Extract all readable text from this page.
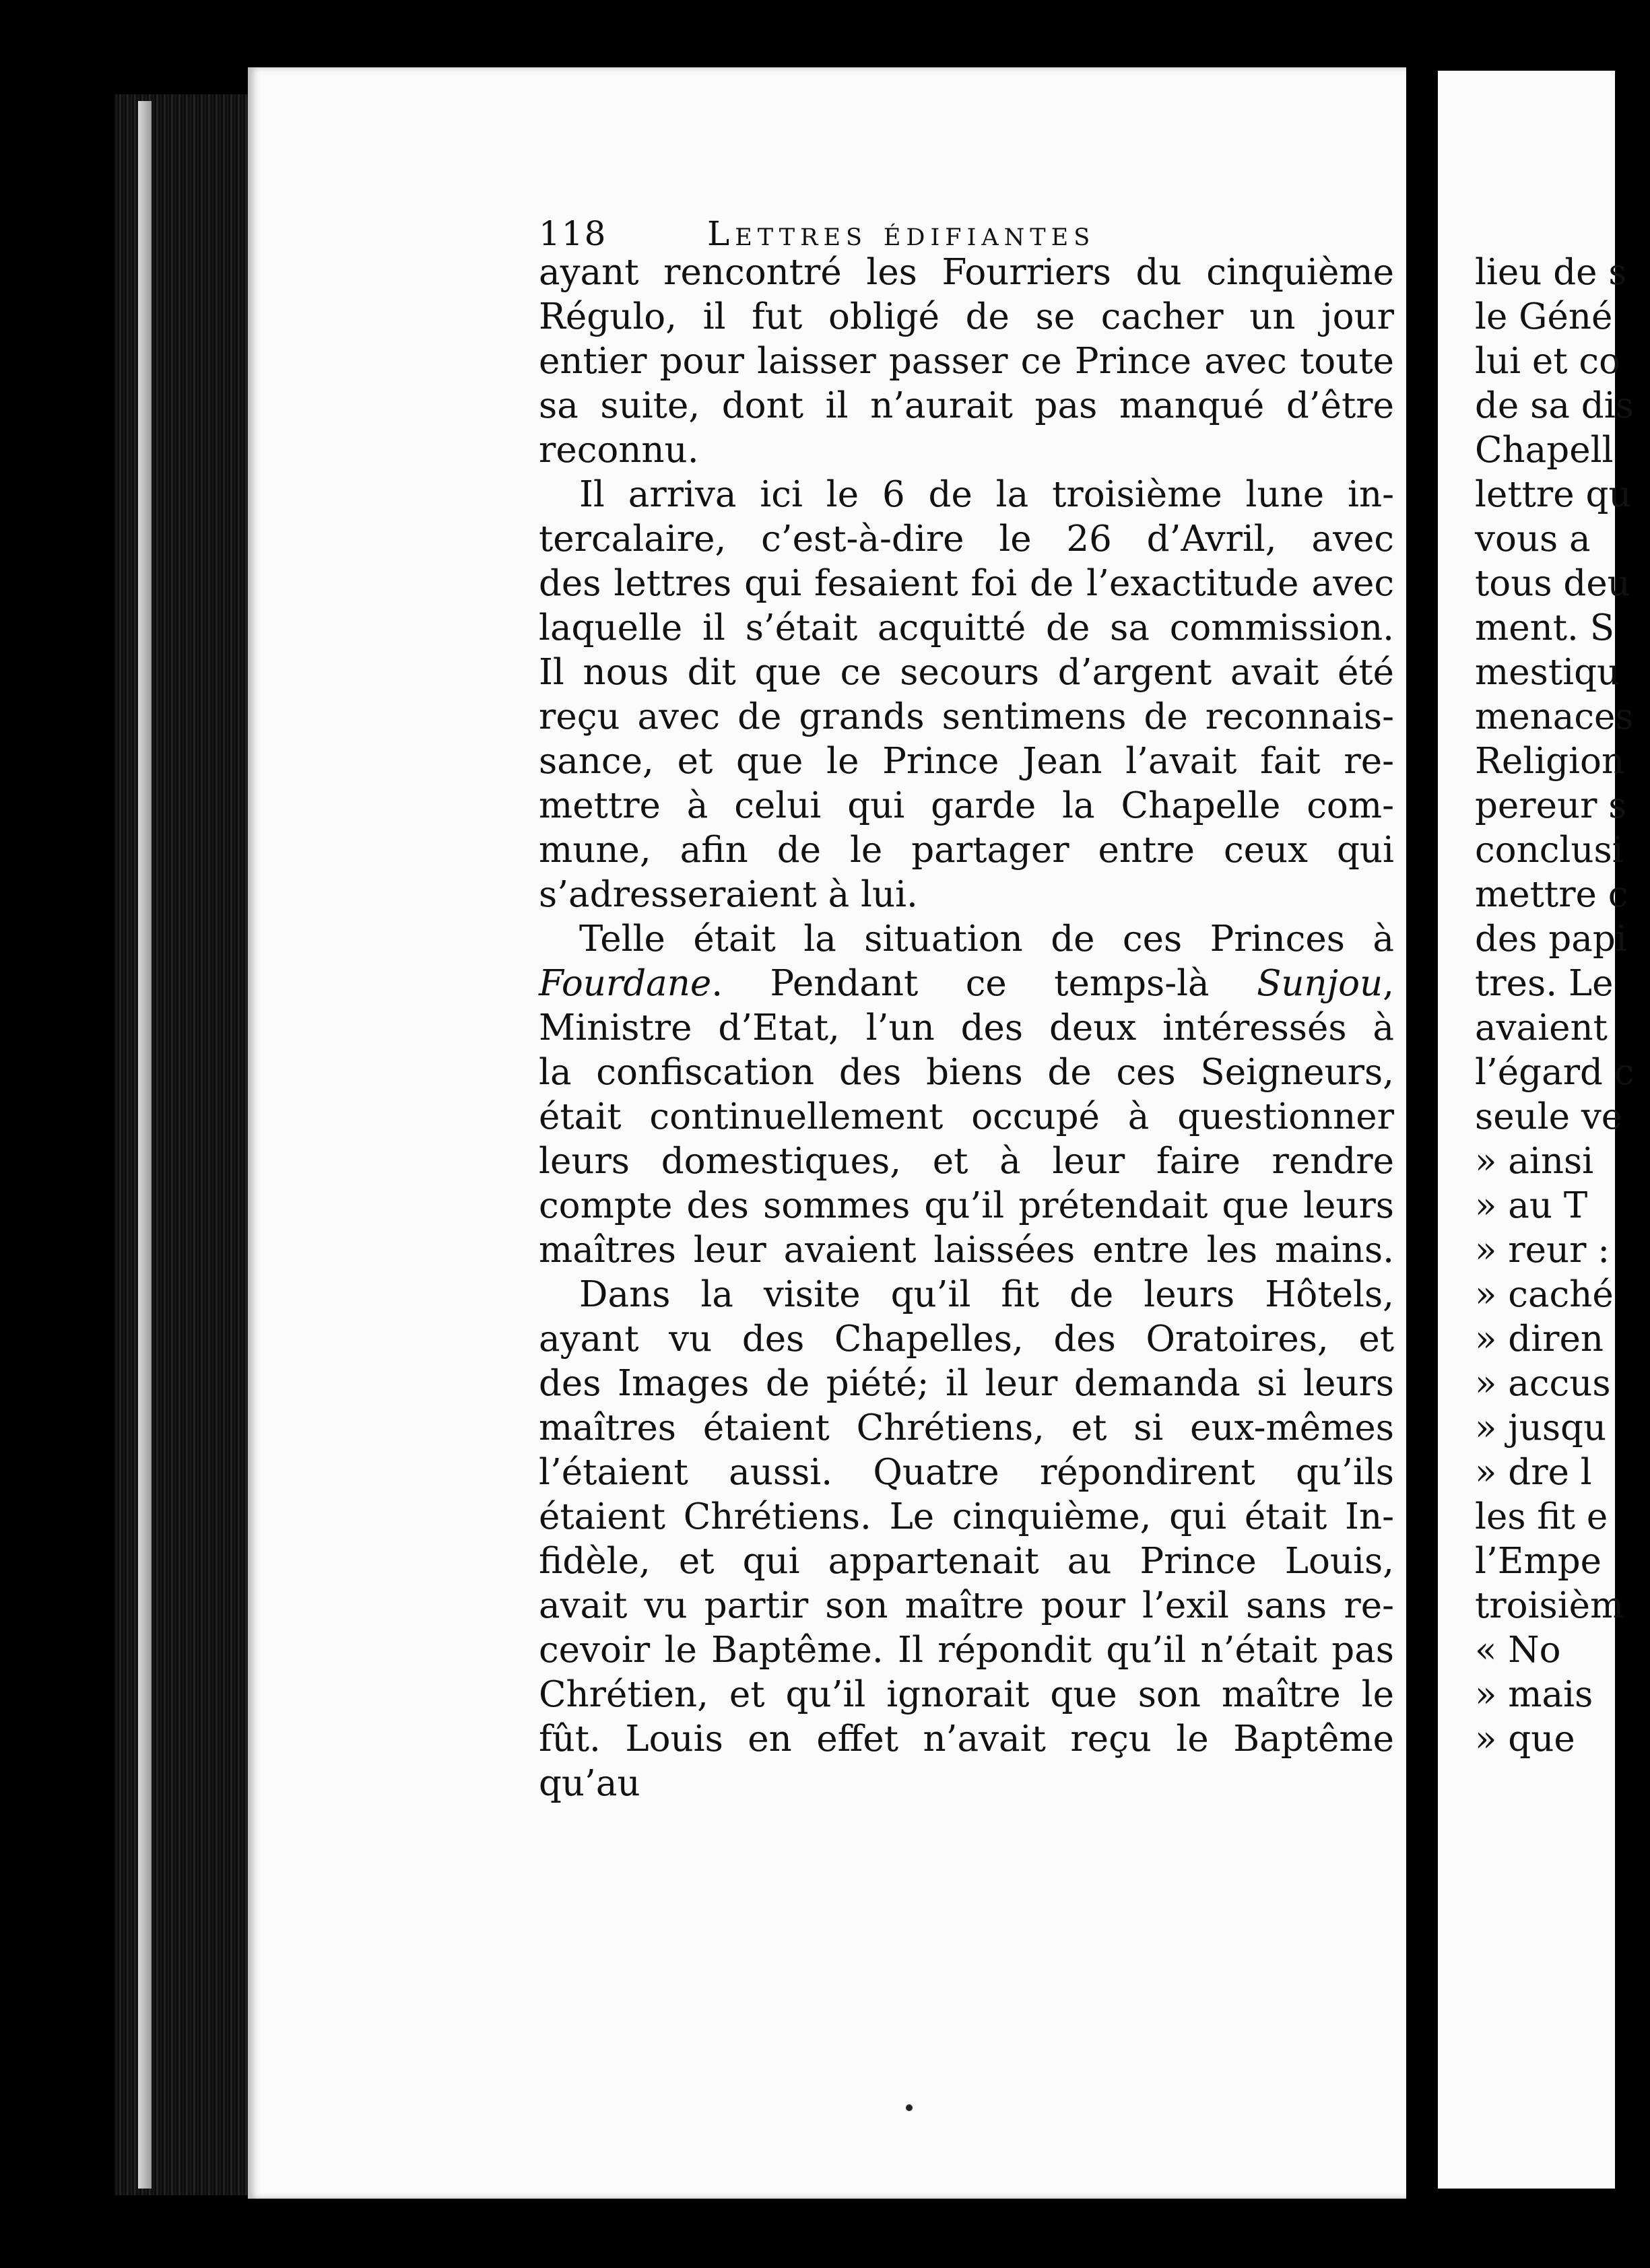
118	Lettres édifiantes
ayant rencontré les Fourriers du cinquième
Régulo, il fut obligé de se cacher un jour
entier pour laisser passer ce Prince avec toute
sa suite, dont il n’aurait pas manqué d’être
reconnu.
Il arriva ici le 6 de la troisième lune in-
tercalaire, c’est-à-dire le 26 d’Avril, avec
des lettres qui fesaient foi de l’exactitude avec
laquelle il s’était acquitté de sa commission.
Il nous dit que ce secours d’argent avait été
reçu avec de grands sentimens de reconnais-
sance, et que le Prince Jean l’avait fait re-
mettre à celui qui garde la Chapelle com-
mune, afin de le partager entre ceux qui
s’adresseraient à lui.
Telle était la situation de ces Princes à
Fourdane. Pendant ce temps-là Sunjou,
Ministre d’Etat, l’un des deux intéressés à
la confiscation des biens de ces Seigneurs,
était continuellement occupé à questionner
leurs domestiques, et à leur faire rendre
compte des sommes qu’il prétendait que leurs
maîtres leur avaient laissées entre les mains.
Dans la visite qu’il fit de leurs Hôtels,
ayant vu des Chapelles, des Oratoires, et
des Images de piété; il leur demanda si leurs
maîtres étaient Chrétiens, et si eux-mêmes
l’étaient aussi. Quatre répondirent qu’ils
étaient Chrétiens. Le cinquième, qui était In-
fidèle, et qui appartenait au Prince Louis,
avait vu partir son maître pour l’exil sans re-
cevoir le Baptême. Il répondit qu’il n’était pas
Chrétien, et qu’il ignorait que son maître le
fût. Louis en effet n’avait reçu le Baptême qu’au
lieu de s
le Géné
lui et co
de sa dis
Chapell
lettre qu
vous a
tous deu
ment. S
mestiqu
menaces
Religion
pereur s
conclusi
mettre c
des papi
tres. Le
avaient
l’égard c
seule ve
» ainsi
» au T
» reur :
» caché
» diren
» accus
» jusqu
» dre l
les fit e
l’Empe
troisièm
« No
» mais
» que
